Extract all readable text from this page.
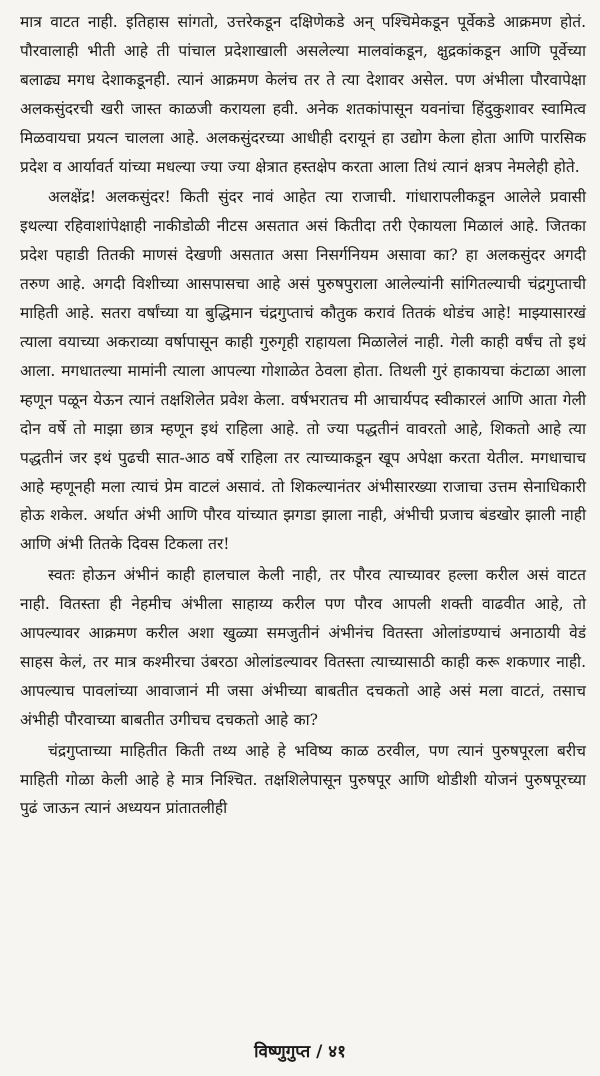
मात्र वाटत नाही. इतिहास सांगतो, उत्तरेकडून दक्षिणेकडे अन् पश्चिमेकडून पूर्वेकडे आक्रमण होतं. पौरवालाही भीती आहे ती पांचाल प्रदेशाखाली असलेल्या मालवांकडून, क्षुद्रकांकडून आणि पूर्वेच्या बलाढ्य मगध देशाकडूनही. त्यानं आक्रमण केलंच तर ते त्या देशावर असेल. पण अंभीला पौरवापेक्षा अलकसुंदरची खरी जास्त काळजी करायला हवी. अनेक शतकांपासून यवनांचा हिंदुकुशावर स्वामित्व मिळवायचा प्रयत्न चालला आहे. अलकसुंदरच्या आधीही दरायूनं हा उद्योग केला होता आणि पारसिक प्रदेश व आर्यावर्त यांच्या मधल्या ज्या ज्या क्षेत्रात हस्तक्षेप करता आला तिथं त्यानं क्षत्रप नेमलेही होते.

अलक्षेंद्र! अलकसुंदर! किती सुंदर नावं आहेत त्या राजाची. गांधारापलीकडून आलेले प्रवासी इथल्या रहिवाशांपेक्षाही नाकीडोळी नीटस असतात असं कितीदा तरी ऐकायला मिळालं आहे. जितका प्रदेश पहाडी तितकी माणसं देखणी असतात असा निसर्गनियम असावा का? हा अलकसुंदर अगदी तरुण आहे. अगदी विशीच्या आसपासचा आहे असं पुरुषपुराला आलेल्यांनी सांगितल्याची चंद्रगुप्ताची माहिती आहे. सतरा वर्षांच्या या बुद्धिमान चंद्रगुप्ताचं कौतुक करावं तितकं थोडंच आहे! माझ्यासारखं त्याला वयाच्या अकराव्या वर्षापासून काही गुरुगृही राहायला मिळालेलं नाही. गेली काही वर्षंच तो इथं आला. मगधातल्या मामांनी त्याला आपल्या गोशाळेत ठेवला होता. तिथली गुरं हाकायचा कंटाळा आला म्हणून पळून येऊन त्यानं तक्षशिलेत प्रवेश केला. वर्षभरातच मी आचार्यपद स्वीकारलं आणि आता गेली दोन वर्षे तो माझा छात्र म्हणून इथं राहिला आहे. तो ज्या पद्धतीनं वावरतो आहे, शिकतो आहे त्या पद्धतीनं जर इथं पुढची सात-आठ वर्षे राहिला तर त्याच्याकडून खूप अपेक्षा करता येतील. मगधाचाच आहे म्हणूनही मला त्याचं प्रेम वाटलं असावं. तो शिकल्यानंतर अंभीसारख्या राजाचा उत्तम सेनाधिकारी होऊ शकेल. अर्थात अंभी आणि पौरव यांच्यात झगडा झाला नाही, अंभीची प्रजाच बंडखोर झाली नाही आणि अंभी तितके दिवस टिकला तर!

स्वतः होऊन अंभीनं काही हालचाल केली नाही, तर पौरव त्याच्यावर हल्ला करील असं वाटत नाही. वितस्ता ही नेहमीच अंभीला साहाय्य करील पण पौरव आपली शक्ती वाढवीत आहे, तो आपल्यावर आक्रमण करील अशा खुळ्या समजुतीनं अंभीनंच वितस्ता ओलांडण्याचं अनाठायी वेडं साहस केलं, तर मात्र कश्मीरचा उंबरठा ओलांडल्यावर वितस्ता त्याच्यासाठी काही करू शकणार नाही. आपल्याच पावलांच्या आवाजानं मी जसा अंभीच्या बाबतीत दचकतो आहे असं मला वाटतं, तसाच अंभीही पौरवाच्या बाबतीत उगीचच दचकतो आहे का?

चंद्रगुप्ताच्या माहितीत किती तथ्य आहे हे भविष्य काळ ठरवील, पण त्यानं पुरुषपूरला बरीच माहिती गोळा केली आहे हे मात्र निश्चित. तक्षशिलेपासून पुरुषपूर आणि थोडीशी योजनं पुरुषपूरच्या पुढं जाऊन त्यानं अध्ययन प्रांतातलीही

विष्णुगुप्त / ४१
